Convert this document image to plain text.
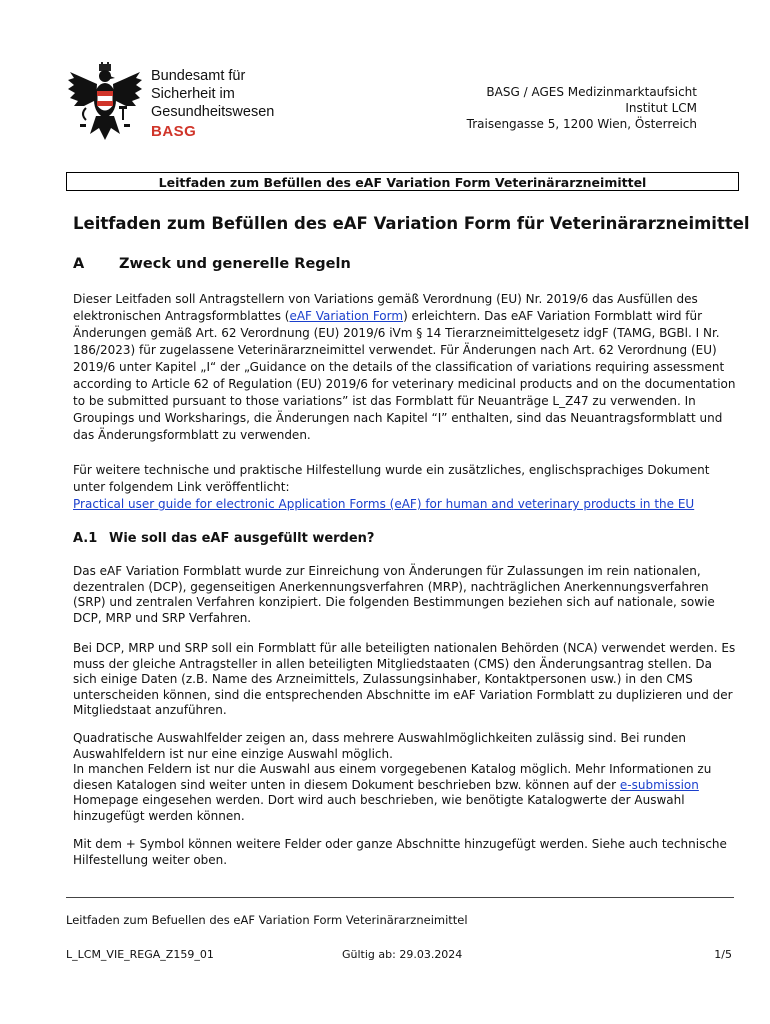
Bundesamt für
Sicherheit im
Gesundheitswesen
BASG
BASG / AGES Medizinmarktaufsicht
Institut LCM
Traisengasse 5, 1200 Wien, Österreich
Leitfaden zum Befüllen des eAF Variation Form Veterinärarzneimittel
Leitfaden zum Befüllen des eAF Variation Form für Veterinärarzneimittel
A Zweck und generelle Regeln
Dieser Leitfaden soll Antragstellern von Variations gemäß Verordnung (EU) Nr. 2019/6 das Ausfüllen des elektronischen Antragsformblattes (eAF Variation Form) erleichtern. Das eAF Variation Formblatt wird für Änderungen gemäß Art. 62 Verordnung (EU) 2019/6 iVm § 14 Tierarzneimittelgesetz idgF (TAMG, BGBl. I Nr. 186/2023) für zugelassene Veterinärarzneimittel verwendet. Für Änderungen nach Art. 62 Verordnung (EU) 2019/6 unter Kapitel „I“ der „Guidance on the details of the classification of variations requiring assessment according to Article 62 of Regulation (EU) 2019/6 for veterinary medicinal products and on the documentation to be submitted pursuant to those variations” ist das Formblatt für Neuanträge L_Z47 zu verwenden. In Groupings und Worksharings, die Änderungen nach Kapitel “I” enthalten, sind das Neuantragsformblatt und das Änderungsformblatt zu verwenden.
Für weitere technische und praktische Hilfestellung wurde ein zusätzliches, englischsprachiges Dokument unter folgendem Link veröffentlicht:
Practical user guide for electronic Application Forms (eAF) for human and veterinary products in the EU
A.1 Wie soll das eAF ausgefüllt werden?
Das eAF Variation Formblatt wurde zur Einreichung von Änderungen für Zulassungen im rein nationalen, dezentralen (DCP), gegenseitigen Anerkennungsverfahren (MRP), nachträglichen Anerkennungsverfahren (SRP) und zentralen Verfahren konzipiert. Die folgenden Bestimmungen beziehen sich auf nationale, sowie DCP, MRP und SRP Verfahren.
Bei DCP, MRP und SRP soll ein Formblatt für alle beteiligten nationalen Behörden (NCA) verwendet werden. Es muss der gleiche Antragsteller in allen beteiligten Mitgliedstaaten (CMS) den Änderungsantrag stellen. Da sich einige Daten (z.B. Name des Arzneimittels, Zulassungsinhaber, Kontaktpersonen usw.) in den CMS unterscheiden können, sind die entsprechenden Abschnitte im eAF Variation Formblatt zu duplizieren und der Mitgliedstaat anzuführen.
Quadratische Auswahlfelder zeigen an, dass mehrere Auswahlmöglichkeiten zulässig sind. Bei runden Auswahlfeldern ist nur eine einzige Auswahl möglich.
In manchen Feldern ist nur die Auswahl aus einem vorgegebenen Katalog möglich. Mehr Informationen zu diesen Katalogen sind weiter unten in diesem Dokument beschrieben bzw. können auf der e-submission Homepage eingesehen werden. Dort wird auch beschrieben, wie benötigte Katalogwerte der Auswahl hinzugefügt werden können.
Mit dem + Symbol können weitere Felder oder ganze Abschnitte hinzugefügt werden. Siehe auch technische Hilfestellung weiter oben.
Leitfaden zum Befuellen des eAF Variation Form Veterinärarzneimittel
L_LCM_VIE_REGA_Z159_01	Gültig ab: 29.03.2024	1/5
